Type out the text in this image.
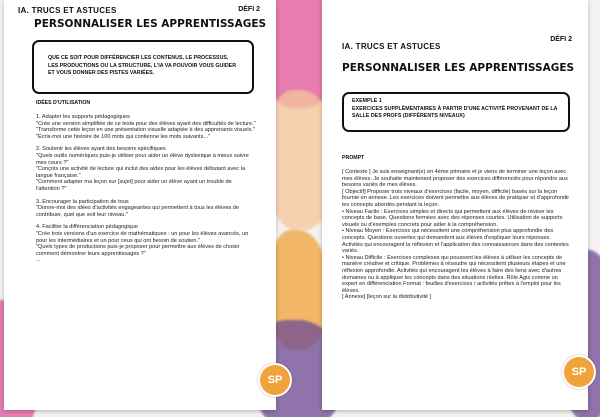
IA. TRUCS ET ASTUCES	DÉFI 2
PERSONNALISER LES APPRENTISSAGES
QUE CE SOIT POUR DIFFÉRENCIER LES CONTENUS, LE PROCESSUS, LES PRODUCTIONS OU LA STRUCTURE, L'IA VA POUVOIR VOUS GUIDER ET VOUS DONNER DES PISTES VARIÉES.
IDÉES D'UTILISATION
1. Adapter les supports pédagogiques
"Crée une version simplifiée de ce texte pour des élèves ayant des difficultés de lecture."
"Transforme cette leçon en une présentation visuelle adaptée à des apprenants visuels."
"Écris-moi une histoire de 100 mots qui contienne les mots suivants..."
2. Soutenir les élèves ayant des besoins spécifiques
"Quels outils numériques puis-je utiliser pour aider un élève dyslexique à mieux suivre mes cours ?"
"Conçois une activité de lecture qui inclut des aides pour les élèves débutant avec la langue française."
"Comment adapter ma leçon sur [sujet] pour aider un élève ayant un trouble de l'attention ?"
3. Encourager la participation de tous
"Donne-moi des idées d'activités engageantes qui permettent à tous les élèves de contribuer, quel que soit leur niveau."
4. Faciliter la différenciation pédagogique
"Crée trois versions d'un exercice de mathématiques : un pour les élèves avancés, un pour les intermédiaires et un pour ceux qui ont besoin de soutien."
"Quels types de productions puis-je proposer pour permettre aux élèves de choisir comment démontrer leurs apprentissages ?"
...
IA. TRUCS ET ASTUCES
DÉFI 2
PERSONNALISER LES APPRENTISSAGES
EXEMPLE 1
EXERCICES SUPPLÉMENTAIRES À PARTIR D'UNE ACTIVITÉ PROVENANT DE LA SALLE DES PROFS (DIFFÉRENTS NIVEAUX)
PROMPT
[ Contexte ] Je suis enseignant(e) en 4ème primaire et je viens de terminer une leçon avec mes élèves. Je souhaite maintenant proposer des exercices différenciés pour répondre aux besoins variés de mes élèves.
[ Objectif] Proposer trois niveaux d'exercices (facile, moyen, difficile) basés sur la leçon fournie en annexe. Les exercices doivent permettre aux élèves de pratiquer et d'approfondir les concepts abordés pendant la leçon.
• Niveau Facile : Exercices simples et directs qui permettent aux élèves de réviser les concepts de base. Questions fermées avec des réponses courtes. Utilisation de supports visuels ou d'exemples concrets pour aider à la compréhension.
• Niveau Moyen : Exercices qui nécessitent une compréhension plus approfondie des concepts. Questions ouvertes qui demandent aux élèves d'expliquer leurs réponses. Activités qui encouragent la réflexion et l'application des connaissances dans des contextes variés.
• Niveau Difficile : Exercices complexes qui poussent les élèves à utiliser les concepts de manière créative et critique. Problèmes à résoudre qui nécessitent plusieurs étapes et une réflexion approfondie. Activités qui encouragent les élèves à faire des liens avec d'autres domaines ou à appliquer les concepts dans des situations réelles. Rôle Agis comme un expert en différenciation Format : feuilles d'exercices / activités prêtes à l'emploi pour les élèves.
[ Annexe] [leçon sur la distributivité ]
SP
SP
